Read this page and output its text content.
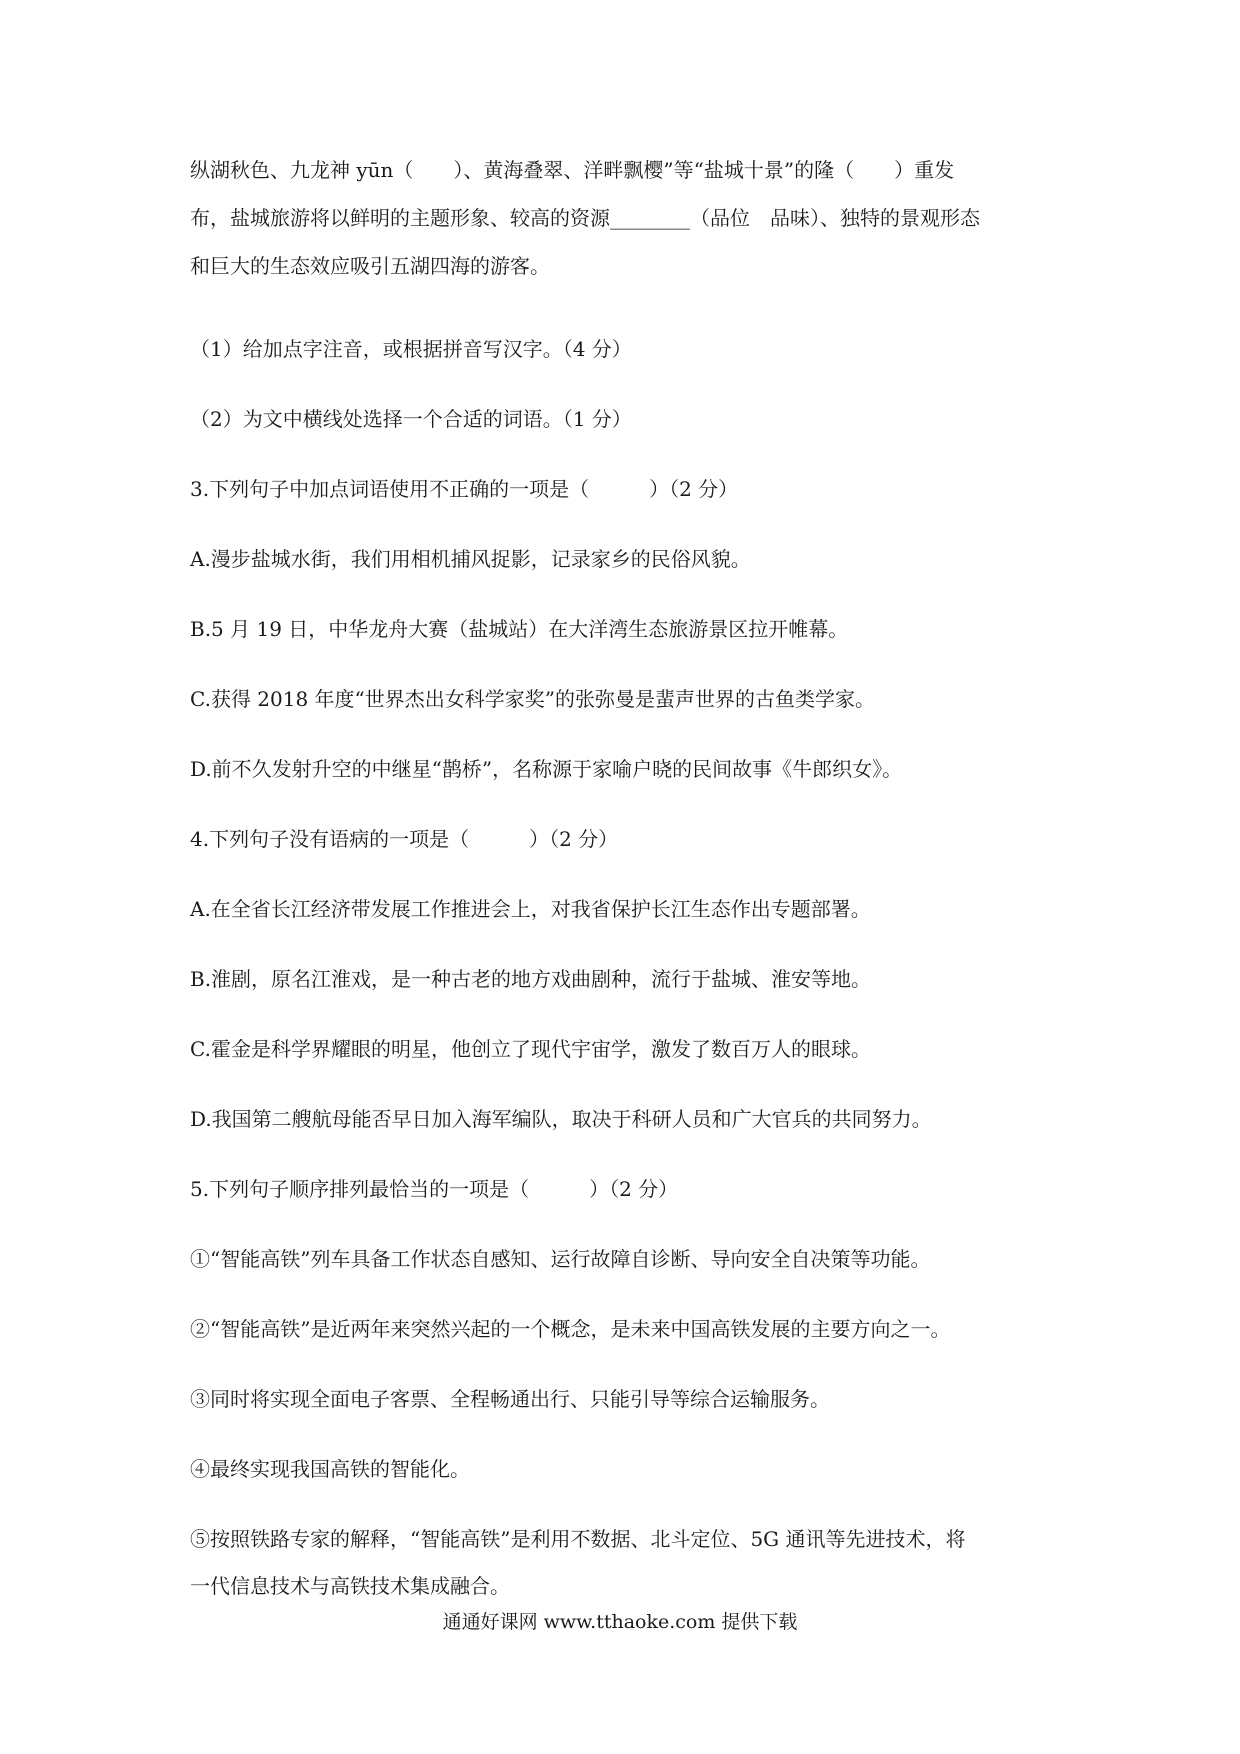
纵湖秋色、九龙神 yūn（　　）、黄海叠翠、洋畔飘樱”等“盐城十景”的隆（　　）重发

布，盐城旅游将以鲜明的主题形象、较高的资源________（品位　品味）、独特的景观形态

和巨大的生态效应吸引五湖四海的游客。

（1）给加点字注音，或根据拼音写汉字。（4 分）

（2）为文中横线处选择一个合适的词语。（1 分）

3.下列句子中加点词语使用不正确的一项是（　　　）（2 分）

A.漫步盐城水街，我们用相机捕风捉影，记录家乡的民俗风貌。

B.5 月 19 日，中华龙舟大赛（盐城站）在大洋湾生态旅游景区拉开帷幕。

C.获得 2018 年度“世界杰出女科学家奖”的张弥曼是蜚声世界的古鱼类学家。

D.前不久发射升空的中继星“鹊桥”，名称源于家喻户晓的民间故事《牛郎织女》。

4.下列句子没有语病的一项是（　　　）（2 分）

A.在全省长江经济带发展工作推进会上，对我省保护长江生态作出专题部署。

B.淮剧，原名江淮戏，是一种古老的地方戏曲剧种，流行于盐城、淮安等地。

C.霍金是科学界耀眼的明星，他创立了现代宇宙学，激发了数百万人的眼球。

D.我国第二艘航母能否早日加入海军编队，取决于科研人员和广大官兵的共同努力。

5.下列句子顺序排列最恰当的一项是（　　　）（2 分）

①“智能高铁”列车具备工作状态自感知、运行故障自诊断、导向安全自决策等功能。

②“智能高铁”是近两年来突然兴起的一个概念，是未来中国高铁发展的主要方向之一。

③同时将实现全面电子客票、全程畅通出行、只能引导等综合运输服务。

④最终实现我国高铁的智能化。

⑤按照铁路专家的解释，“智能高铁”是利用不数据、北斗定位、5G 通讯等先进技术，将

一代信息技术与高铁技术集成融合。

通通好课网 www.tthaoke.com 提供下载
